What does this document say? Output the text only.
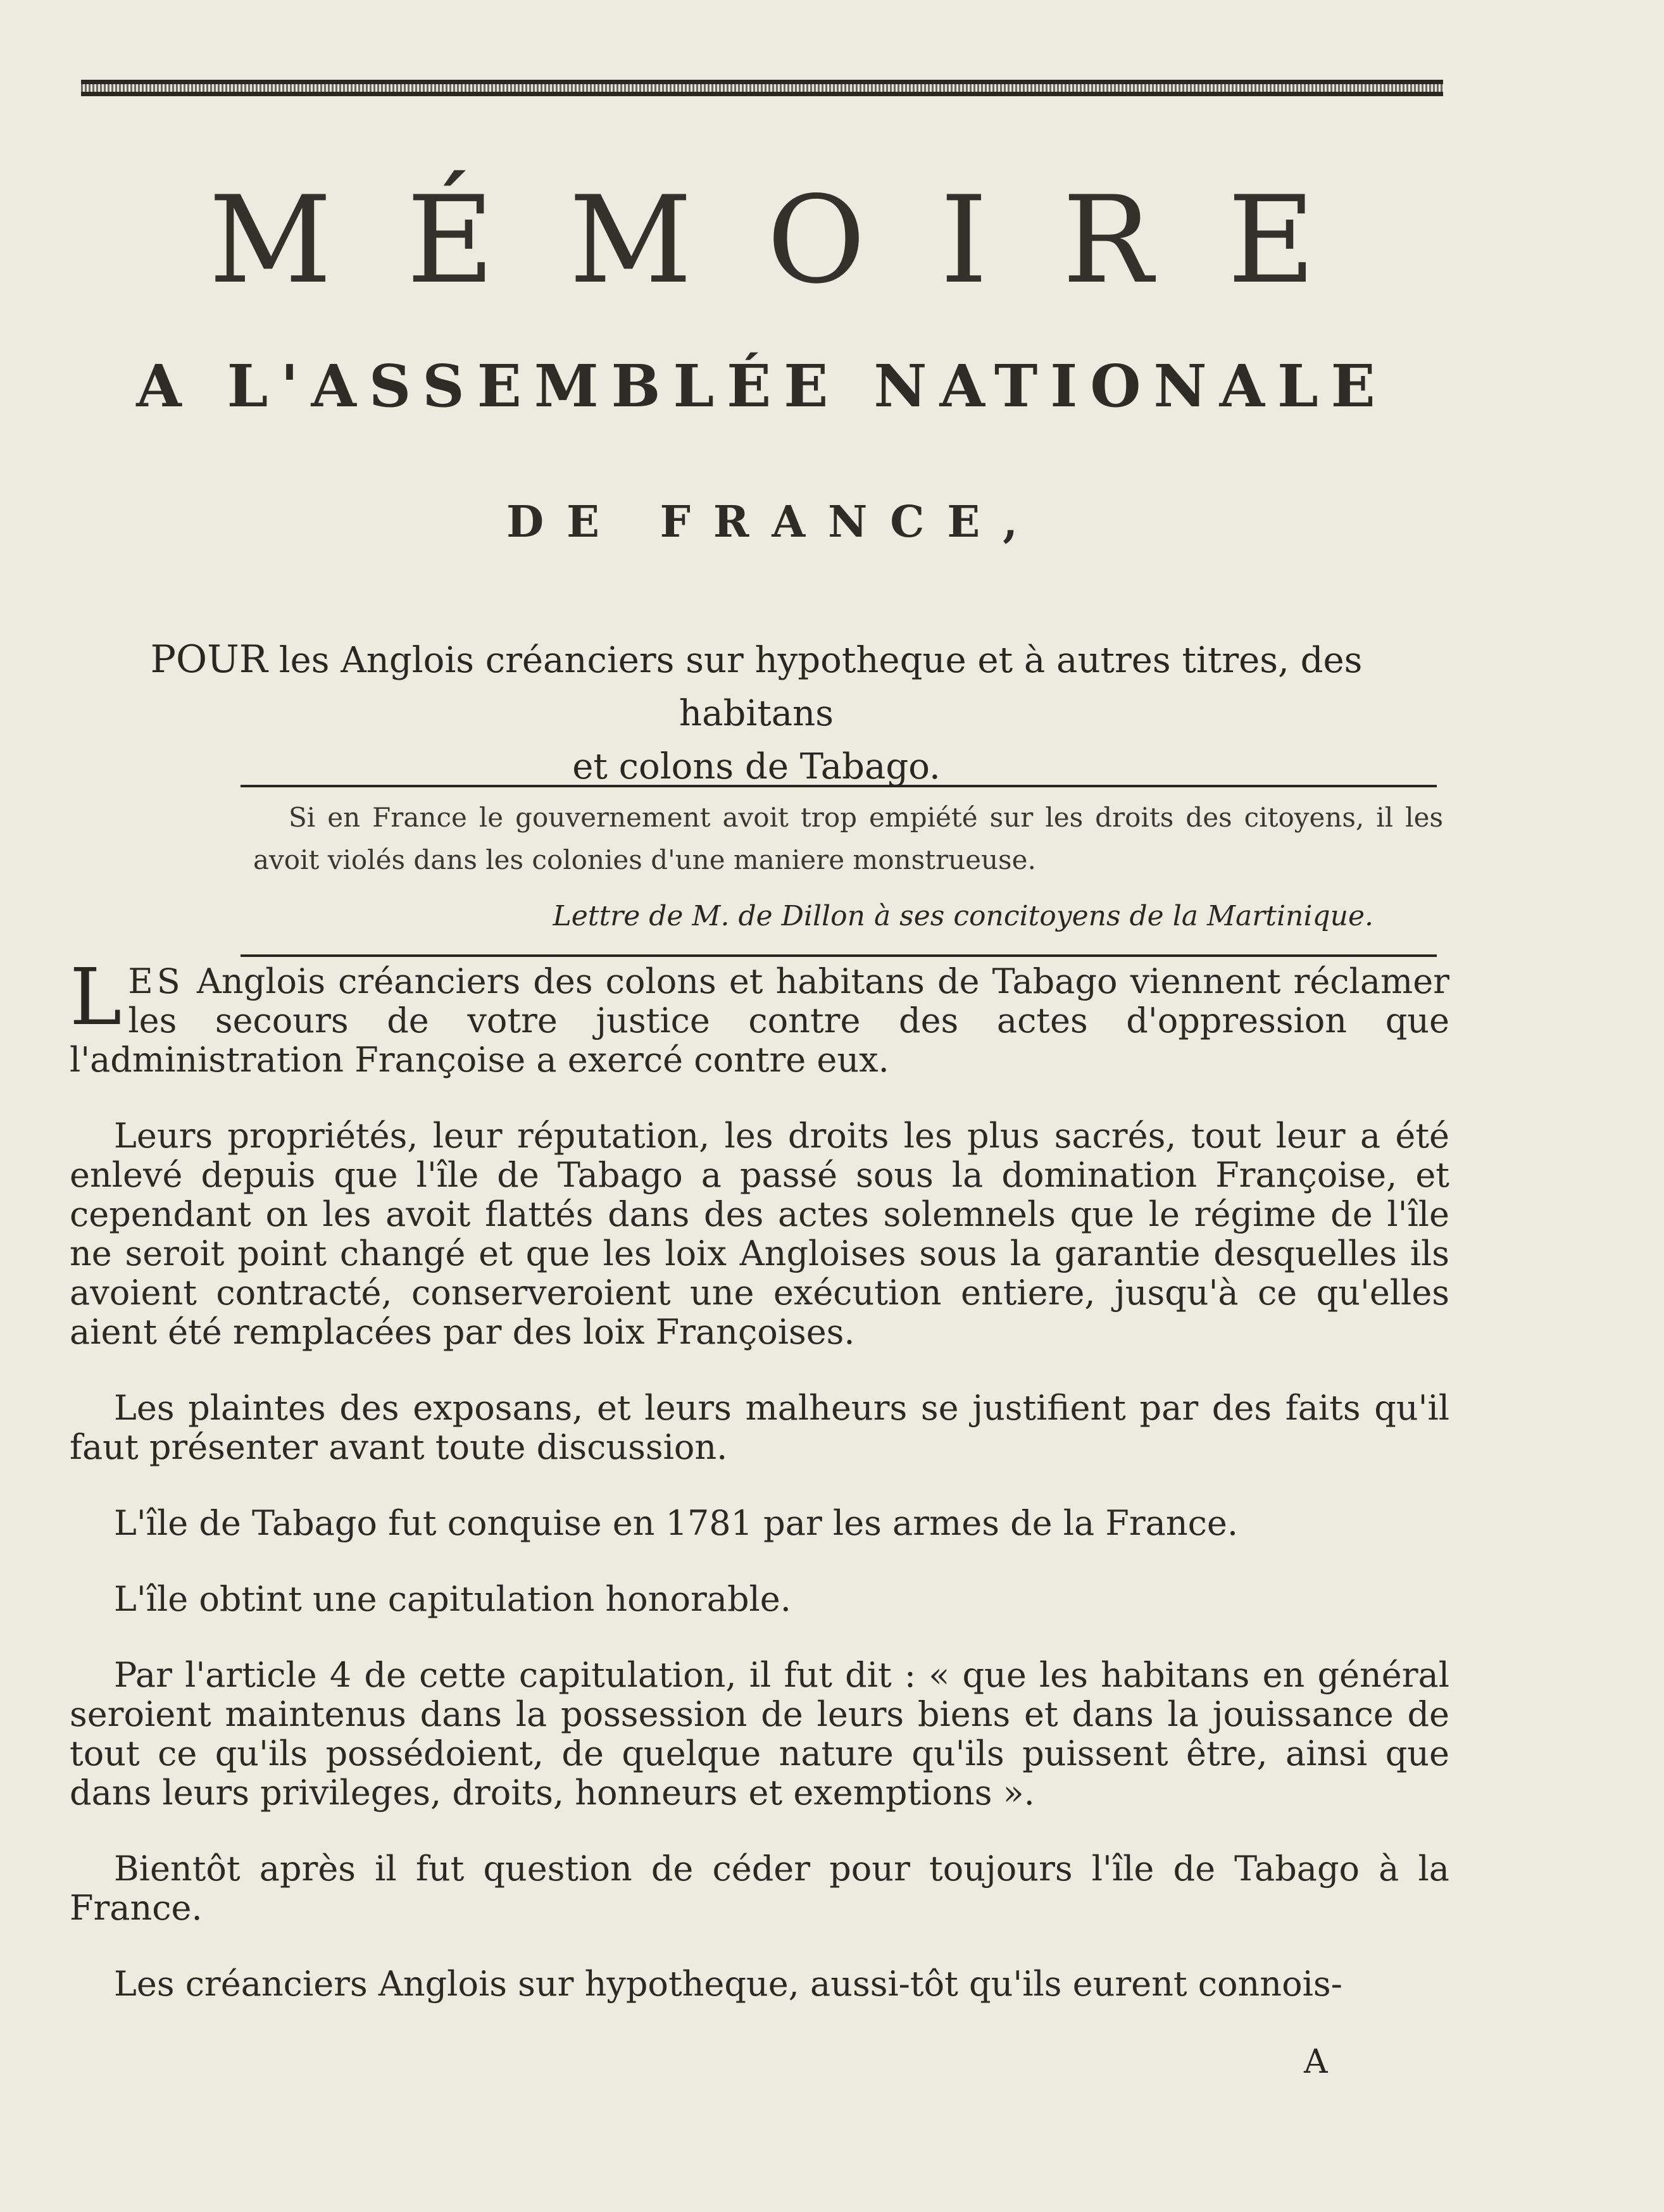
MÉMOIRE
A L'ASSEMBLÉE NATIONALE
DE FRANCE,
POUR les Anglois créanciers sur hypotheque et à autres titres, des habitans
et colons de Tabago.

Si en France le gouvernement avoit trop empiété sur les droits des citoyens, il les avoit violés dans les colonies d'une maniere monstrueuse.

Lettre de M. de Dillon à ses concitoyens de la Martinique.

LES Anglois créanciers des colons et habitans de Tabago viennent réclamer les secours de votre justice contre des actes d'oppression que l'administration Françoise a exercé contre eux.

Leurs propriétés, leur réputation, les droits les plus sacrés, tout leur a été enlevé depuis que l'île de Tabago a passé sous la domination Françoise, et cependant on les avoit flattés dans des actes solemnels que le régime de l'île ne seroit point changé et que les loix Angloises sous la garantie desquelles ils avoient contracté, conserveroient une exécution entiere, jusqu'à ce qu'elles aient été remplacées par des loix Françoises.

Les plaintes des exposans, et leurs malheurs se justifient par des faits qu'il faut présenter avant toute discussion.

L'île de Tabago fut conquise en 1781 par les armes de la France.

L'île obtint une capitulation honorable.

Par l'article 4 de cette capitulation, il fut dit : « que les habitans en général seroient maintenus dans la possession de leurs biens et dans la jouissance de tout ce qu'ils possédoient, de quelque nature qu'ils puissent être, ainsi que dans leurs privileges, droits, honneurs et exemptions ».

Bientôt après il fut question de céder pour toujours l'île de Tabago à la France.

Les créanciers Anglois sur hypotheque, aussi-tôt qu'ils eurent connois-

A
